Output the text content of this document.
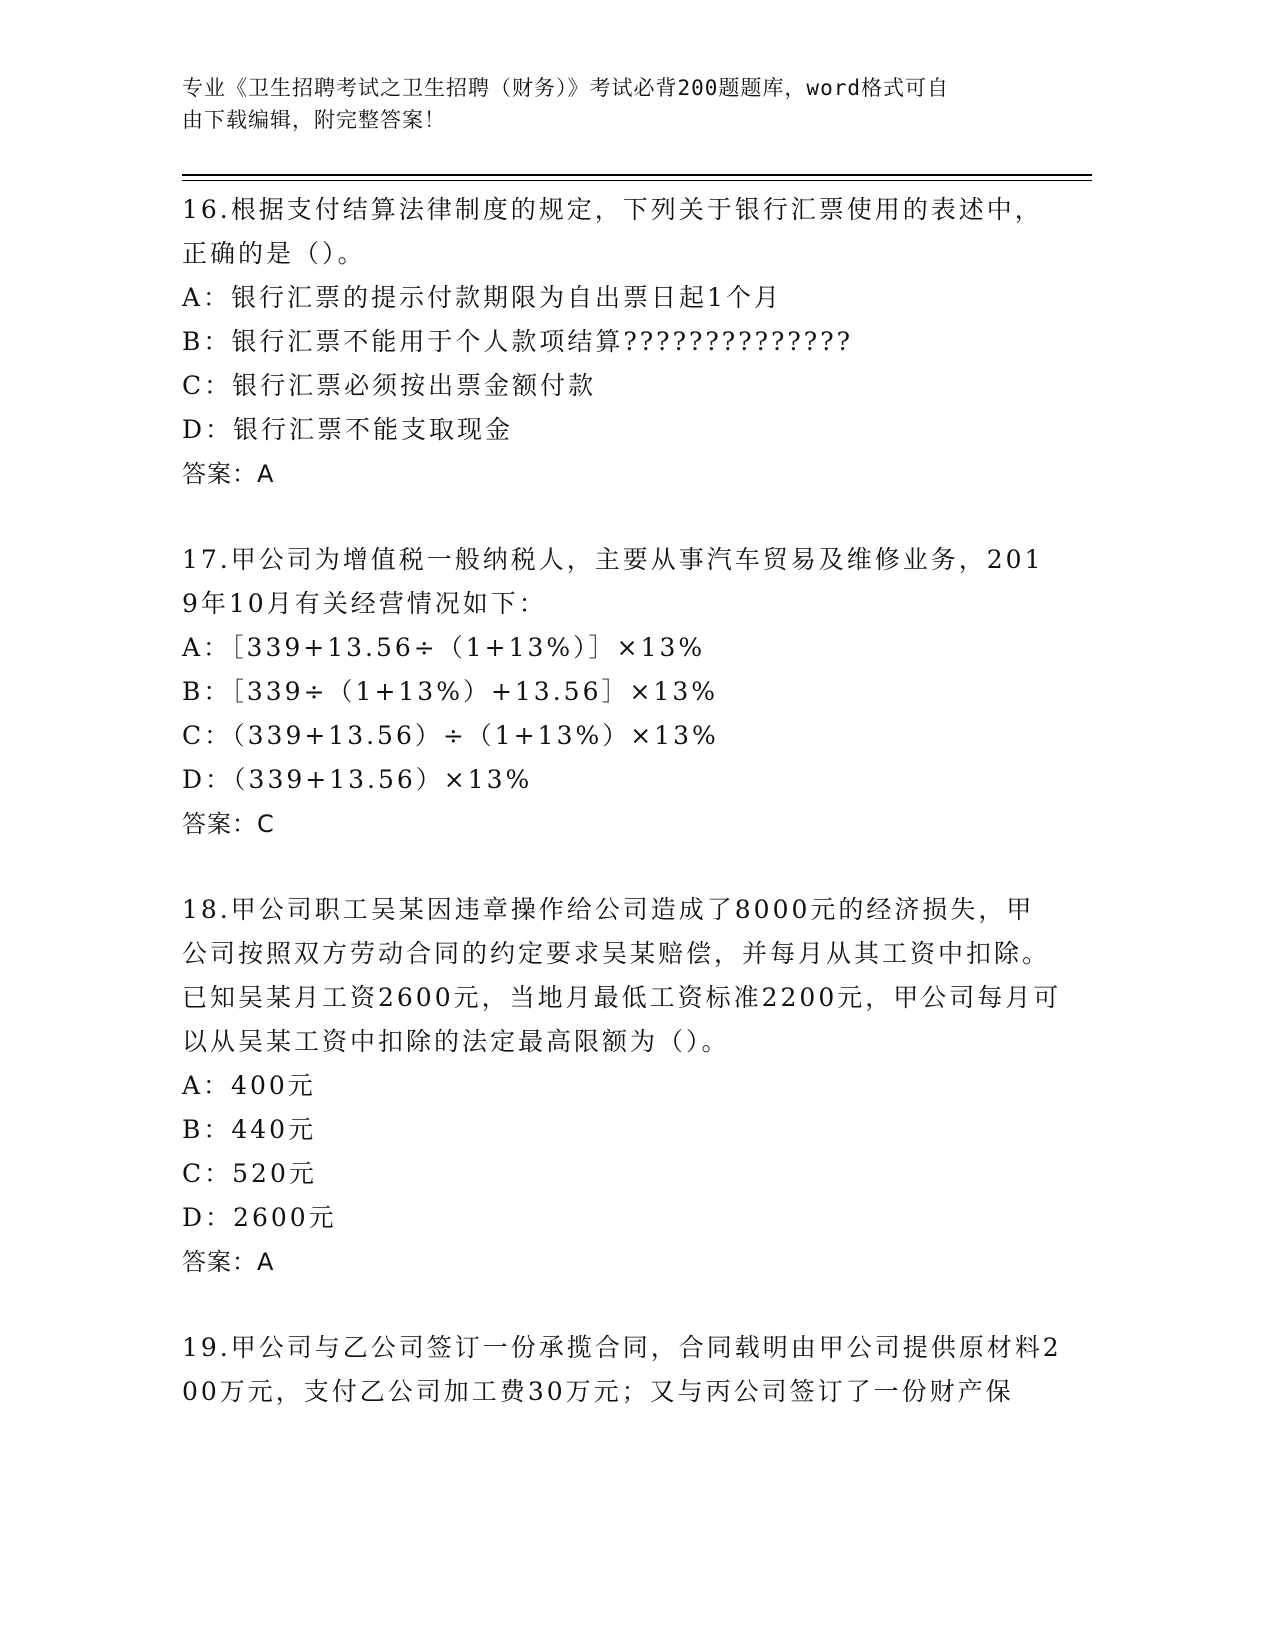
专业《卫生招聘考试之卫生招聘（财务）》考试必背200题题库，word格式可自
由下载编辑，附完整答案！
16.根据支付结算法律制度的规定，下列关于银行汇票使用的表述中，正确的是（）。
A：银行汇票的提示付款期限为自出票日起1个月
B：银行汇票不能用于个人款项结算??????????????
C：银行汇票必须按出票金额付款
D：银行汇票不能支取现金
答案：A
17.甲公司为增值税一般纳税人，主要从事汽车贸易及维修业务，2019年10月有关经营情况如下：
A：［339+13.56÷（1+13%）］×13%
B：［339÷（1+13%）+13.56］×13%
C：（339+13.56）÷（1+13%）×13%
D：（339+13.56）×13%
答案：C
18.甲公司职工吴某因违章操作给公司造成了8000元的经济损失，甲公司按照双方劳动合同的约定要求吴某赔偿，并每月从其工资中扣除。已知吴某月工资2600元，当地月最低工资标准2200元，甲公司每月可以从吴某工资中扣除的法定最高限额为（）。
A：400元
B：440元
C：520元
D：2600元
答案：A
19.甲公司与乙公司签订一份承揽合同，合同载明由甲公司提供原材料200万元，支付乙公司加工费30万元；又与丙公司签订了一份财产保
